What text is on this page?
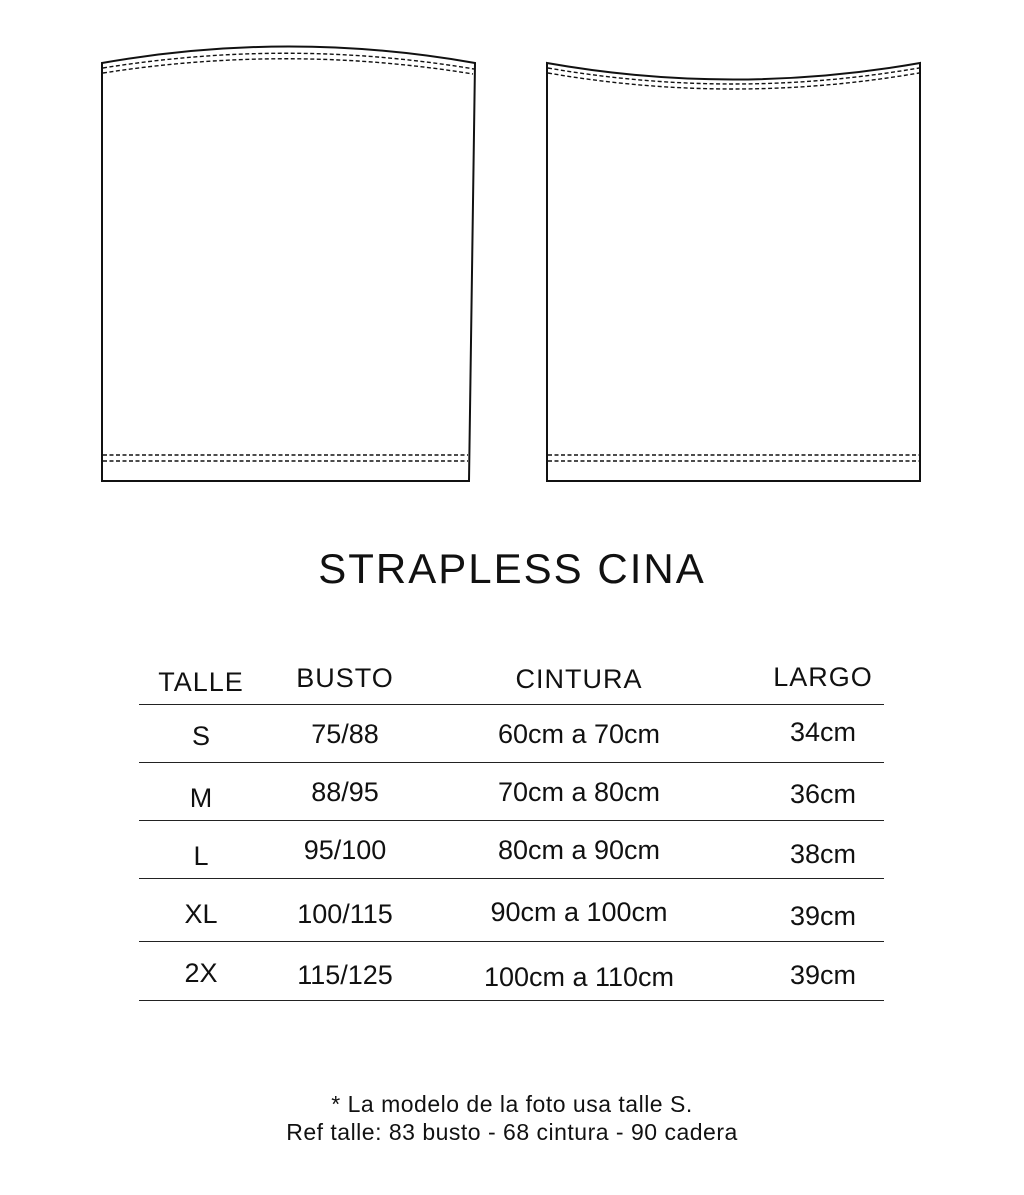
STRAPLESS CINA
TALLE BUSTO	CINTURA	LARGO
S	75/88	60cm a 70cm	34cm
M	88/95	70cm a 80cm	36cm
L	95/100	80cm a 90cm	38cm
XL	100/115	90cm a 100cm	39cm
2X	115/125	100cm a 110cm	39cm
* La modelo de la foto usa talle S.
Ref talle: 83 busto - 68 cintura - 90 cadera
